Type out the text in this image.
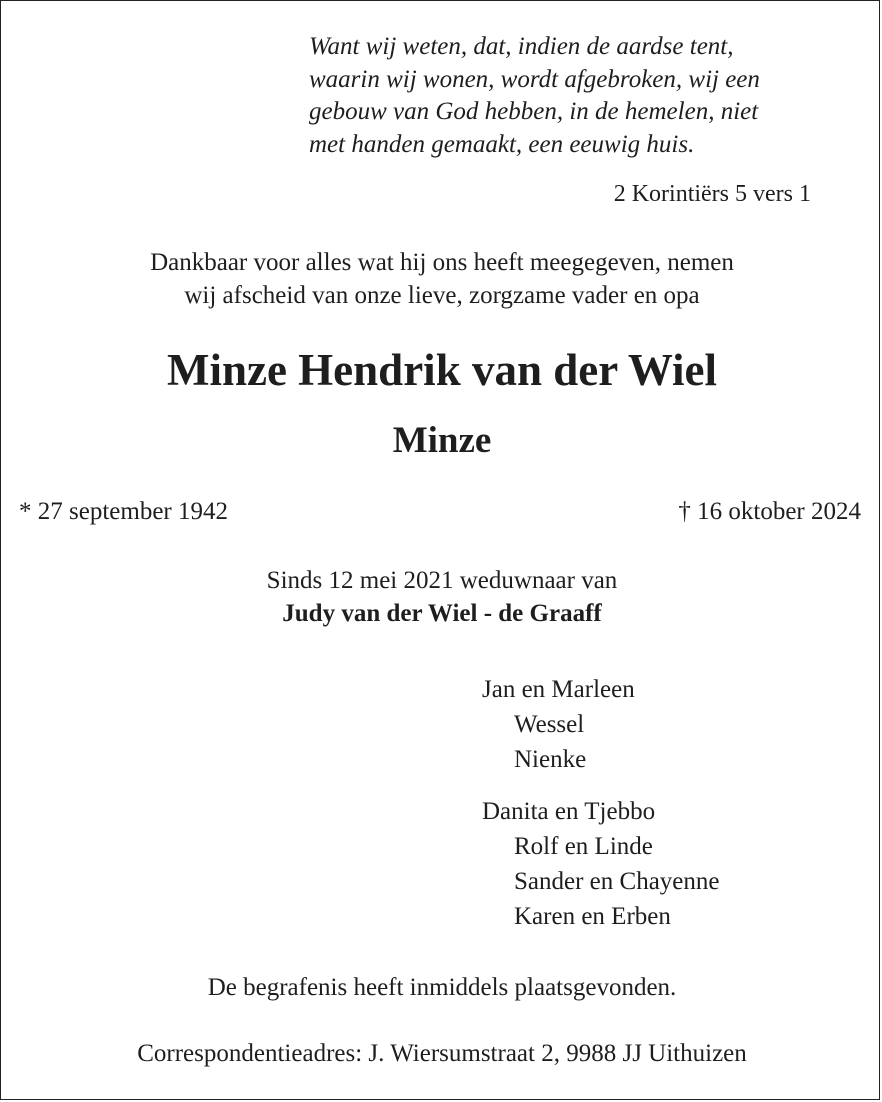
Want wij weten, dat, indien de aardse tent,
waarin wij wonen, wordt afgebroken, wij een
gebouw van God hebben, in de hemelen, niet
met handen gemaakt, een eeuwig huis.
2 Korintiërs 5 vers 1
Dankbaar voor alles wat hij ons heeft meegegeven, nemen
wij afscheid van onze lieve, zorgzame vader en opa
Minze Hendrik van der Wiel
Minze
* 27 september 1942	† 16 oktober 2024
Sinds 12 mei 2021 weduwnaar van
Judy van der Wiel - de Graaff
Jan en Marleen
Wessel
Nienke
Danita en Tjebbo
Rolf en Linde
Sander en Chayenne
Karen en Erben
De begrafenis heeft inmiddels plaatsgevonden.
Correspondentieadres: J. Wiersumstraat 2, 9988 JJ Uithuizen
